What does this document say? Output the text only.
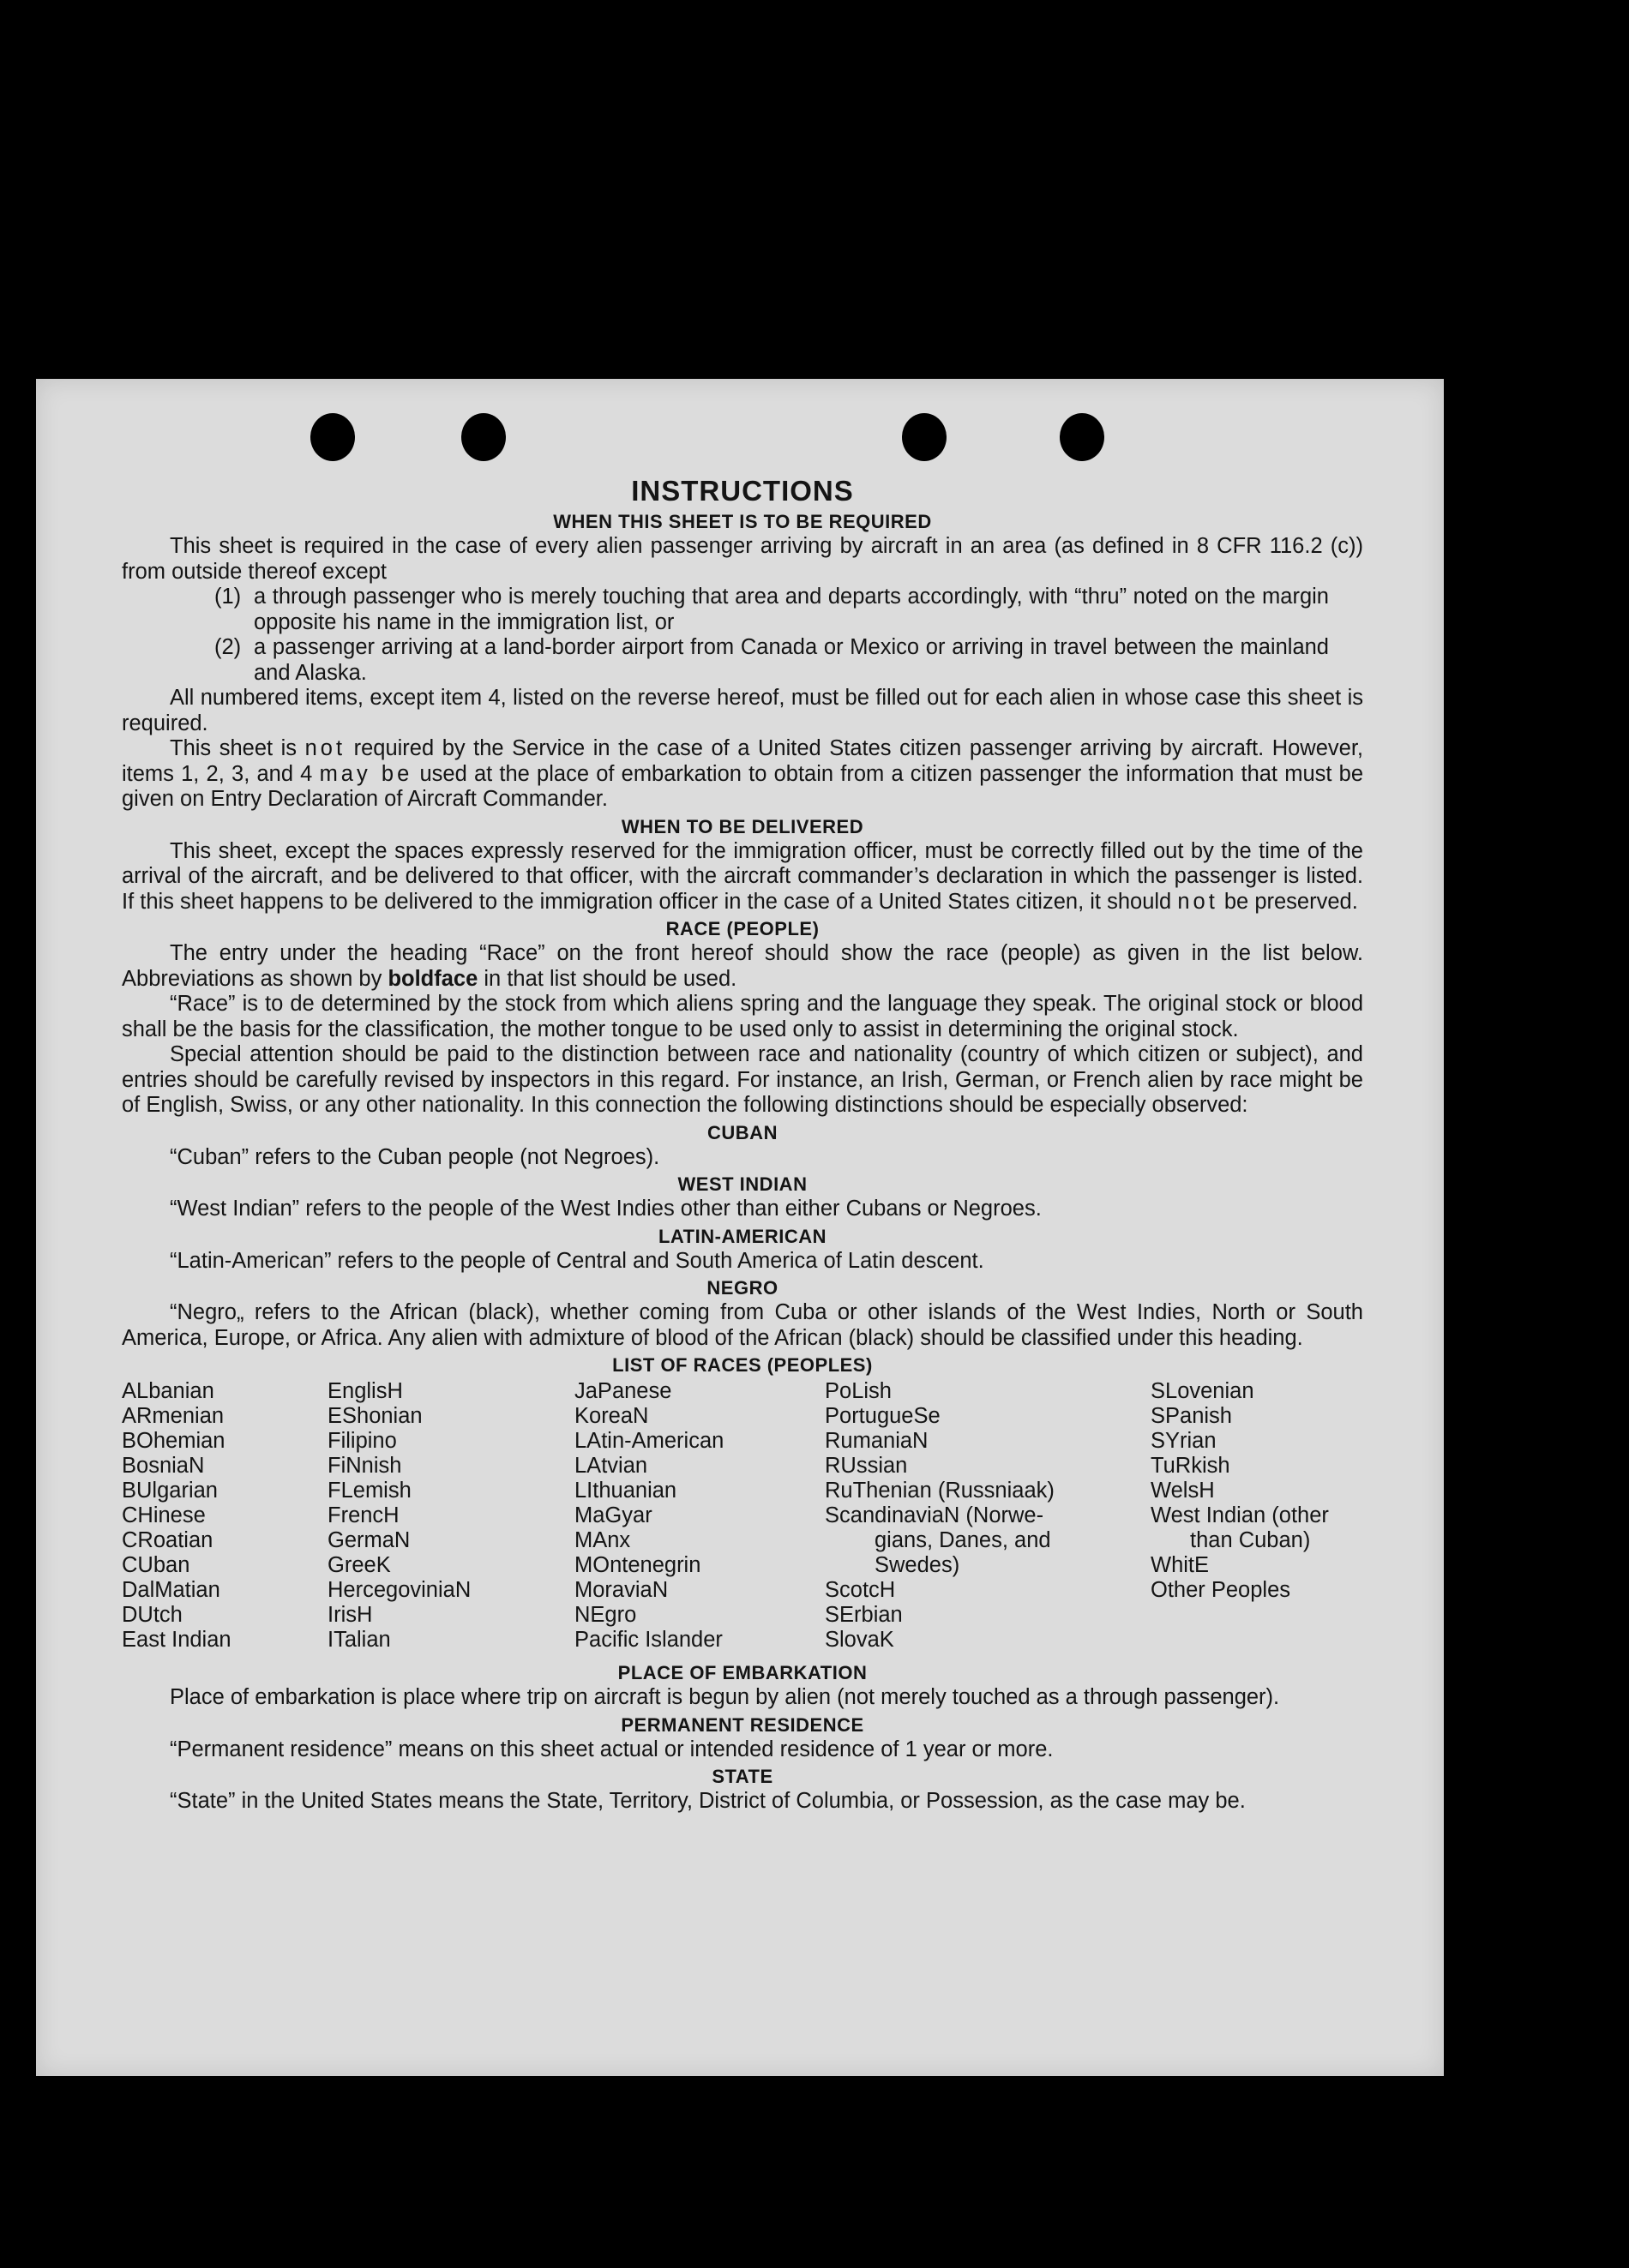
INSTRUCTIONS
WHEN THIS SHEET IS TO BE REQUIRED

This sheet is required in the case of every alien passenger arriving by aircraft in an area (as defined in 8 CFR 116.2 (c)) from outside thereof except

(1) a through passenger who is merely touching that area and departs accordingly, with “thru” noted on the margin opposite his name in the immigration list, or

(2) a passenger arriving at a land-border airport from Canada or Mexico or arriving in travel between the mainland and Alaska.

All numbered items, except item 4, listed on the reverse hereof, must be filled out for each alien in whose case this sheet is required.

This sheet is not required by the Service in the case of a United States citizen passenger arriving by aircraft. However, items 1, 2, 3, and 4 may be used at the place of embarkation to obtain from a citizen passenger the information that must be given on Entry Declaration of Aircraft Commander.

WHEN TO BE DELIVERED

This sheet, except the spaces expressly reserved for the immigration officer, must be correctly filled out by the time of the arrival of the aircraft, and be delivered to that officer, with the aircraft commander’s declaration in which the passenger is listed. If this sheet happens to be delivered to the immigration officer in the case of a United States citizen, it should not be preserved.

RACE (PEOPLE)

The entry under the heading “Race” on the front hereof should show the race (people) as given in the list below. Abbreviations as shown by boldface in that list should be used.

“Race” is to de determined by the stock from which aliens spring and the language they speak. The original stock or blood shall be the basis for the classification, the mother tongue to be used only to assist in determining the original stock.

Special attention should be paid to the distinction between race and nationality (country of which citizen or subject), and entries should be carefully revised by inspectors in this regard. For instance, an Irish, German, or French alien by race might be of English, Swiss, or any other nationality. In this connection the following distinctions should be especially observed:

CUBAN

“Cuban” refers to the Cuban people (not Negroes).

WEST INDIAN

“West Indian” refers to the people of the West Indies other than either Cubans or Negroes.

LATIN-AMERICAN

“Latin-American” refers to the people of Central and South America of Latin descent.

NEGRO

“Negro„ refers to the African (black), whether coming from Cuba or other islands of the West Indies, North or South America, Europe, or Africa. Any alien with admixture of blood of the African (black) should be classified under this heading.

LIST OF RACES (PEOPLES)
ALbanian
ARmenian
BOhemian
BosniaN
BUlgarian
CHinese
CRoatian
CUban
DalMatian
DUtch
East Indian
EnglisH
EShonian
Filipino
FiNnish
FLemish
FrencH
GermaN
GreeK
HercegoviniaN
IrisH
ITalian
JaPanese
KoreaN
LAtin-American
LAtvian
LIthuanian
MaGyar
MAnx
MOntenegrin
MoraviaN
NEgro
Pacific Islander
PoLish
PortugueSe
RumaniaN
RUssian
RuThenian (Russniaak)
ScandinaviaN (Norwe-
gians, Danes, and
Swedes)
ScotcH
SErbian
SlovaK
SLovenian
SPanish
SYrian
TuRkish
WelsH
West Indian (other
than Cuban)
WhitE
Other Peoples
PLACE OF EMBARKATION

Place of embarkation is place where trip on aircraft is begun by alien (not merely touched as a through passenger).

PERMANENT RESIDENCE

“Permanent residence” means on this sheet actual or intended residence of 1 year or more.

STATE

“State” in the United States means the State, Territory, District of Columbia, or Possession, as the case may be.
